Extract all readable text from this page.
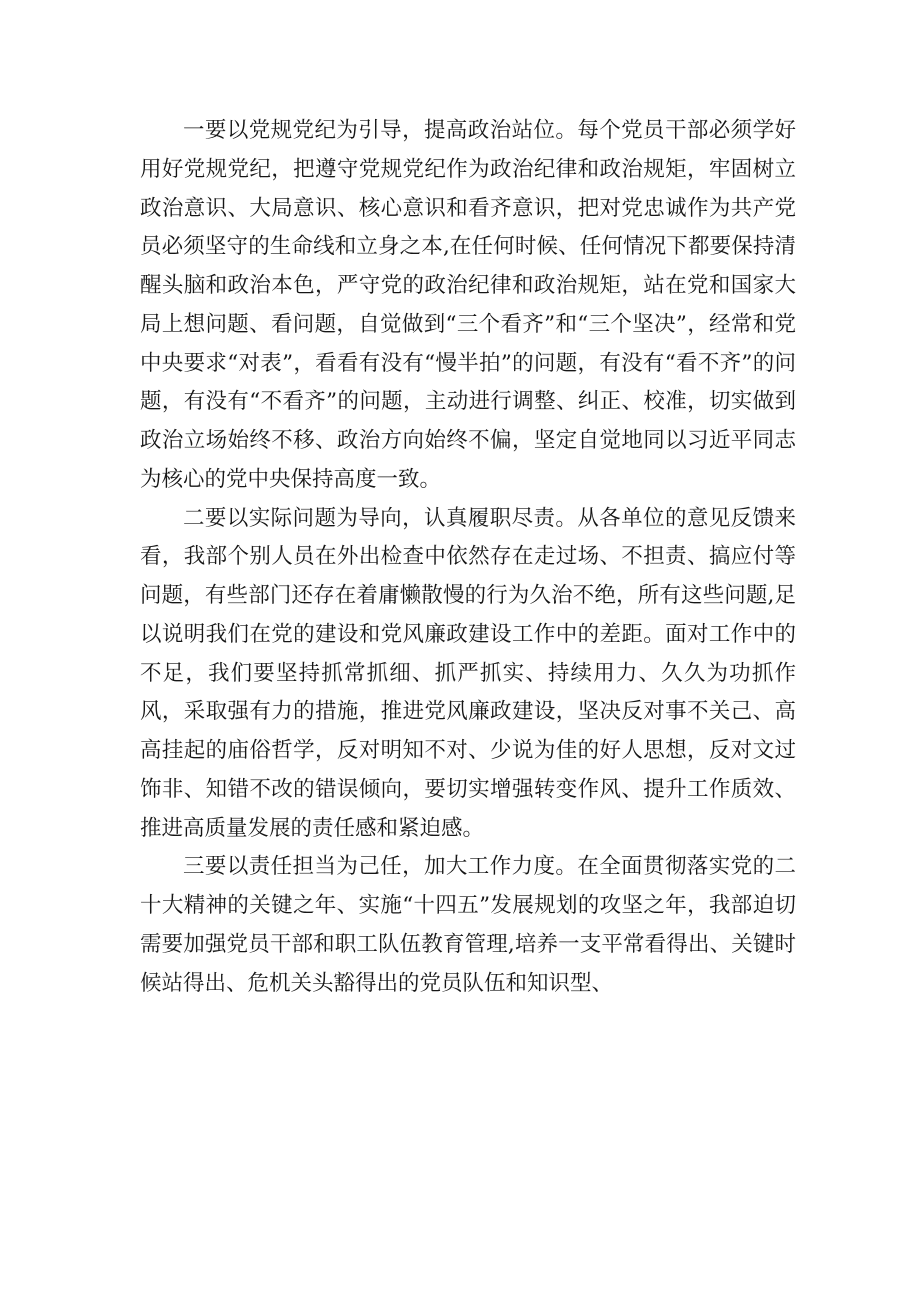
一要以党规党纪为引导，提高政治站位。每个党员干部必须学好用好党规党纪，把遵守党规党纪作为政治纪律和政治规矩，牢固树立政治意识、大局意识、核心意识和看齐意识，把对党忠诚作为共产党员必须坚守的生命线和立身之本,在任何时候、任何情况下都要保持清醒头脑和政治本色，严守党的政治纪律和政治规矩，站在党和国家大局上想问题、看问题，自觉做到“三个看齐”和“三个坚决”，经常和党中央要求“对表”，看看有没有“慢半拍”的问题，有没有“看不齐”的问题，有没有“不看齐”的问题，主动进行调整、纠正、校准，切实做到政治立场始终不移、政治方向始终不偏，坚定自觉地同以习近平同志为核心的党中央保持高度一致。

二要以实际问题为导向，认真履职尽责。从各单位的意见反馈来看，我部个别人员在外出检查中依然存在走过场、不担责、搞应付等问题，有些部门还存在着庸懒散慢的行为久治不绝，所有这些问题,足以说明我们在党的建设和党风廉政建设工作中的差距。面对工作中的不足，我们要坚持抓常抓细、抓严抓实、持续用力、久久为功抓作风，采取强有力的措施，推进党风廉政建设，坚决反对事不关己、高高挂起的庙俗哲学，反对明知不对、少说为佳的好人思想，反对文过饰非、知错不改的错误倾向，要切实增强转变作风、提升工作质效、推进高质量发展的责任感和紧迫感。

三要以责任担当为己任，加大工作力度。在全面贯彻落实党的二十大精神的关键之年、实施“十四五”发展规划的攻坚之年，我部迫切需要加强党员干部和职工队伍教育管理,培养一支平常看得出、关键时候站得出、危机关头豁得出的党员队伍和知识型、
